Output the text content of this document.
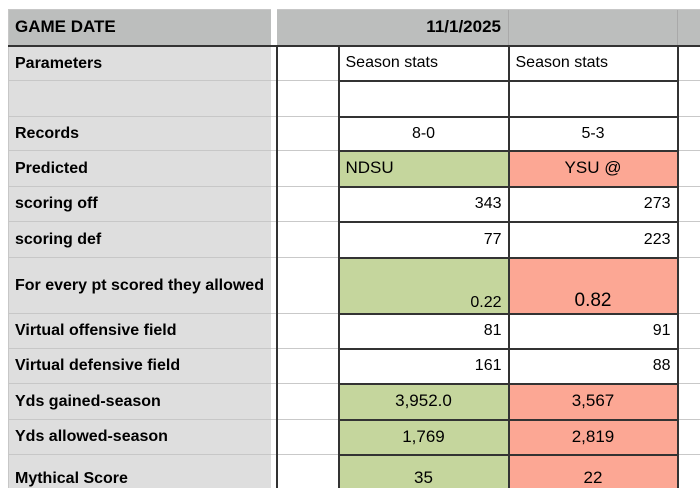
GAME DATE			11/1/2025		
Parameters			Season stats	Season stats	

Records			8-0	5-3	
Predicted			NDSU	YSU @	
scoring off			343	273	
scoring def			77	223	
For every pt scored they allowed			0.22	0.82	
Virtual offensive field			81	91	
Virtual defensive field			161	88	
Yds gained-season			3,952.0	3,567	
Yds allowed-season			1,769	2,819	
Mythical Score			35	22	
